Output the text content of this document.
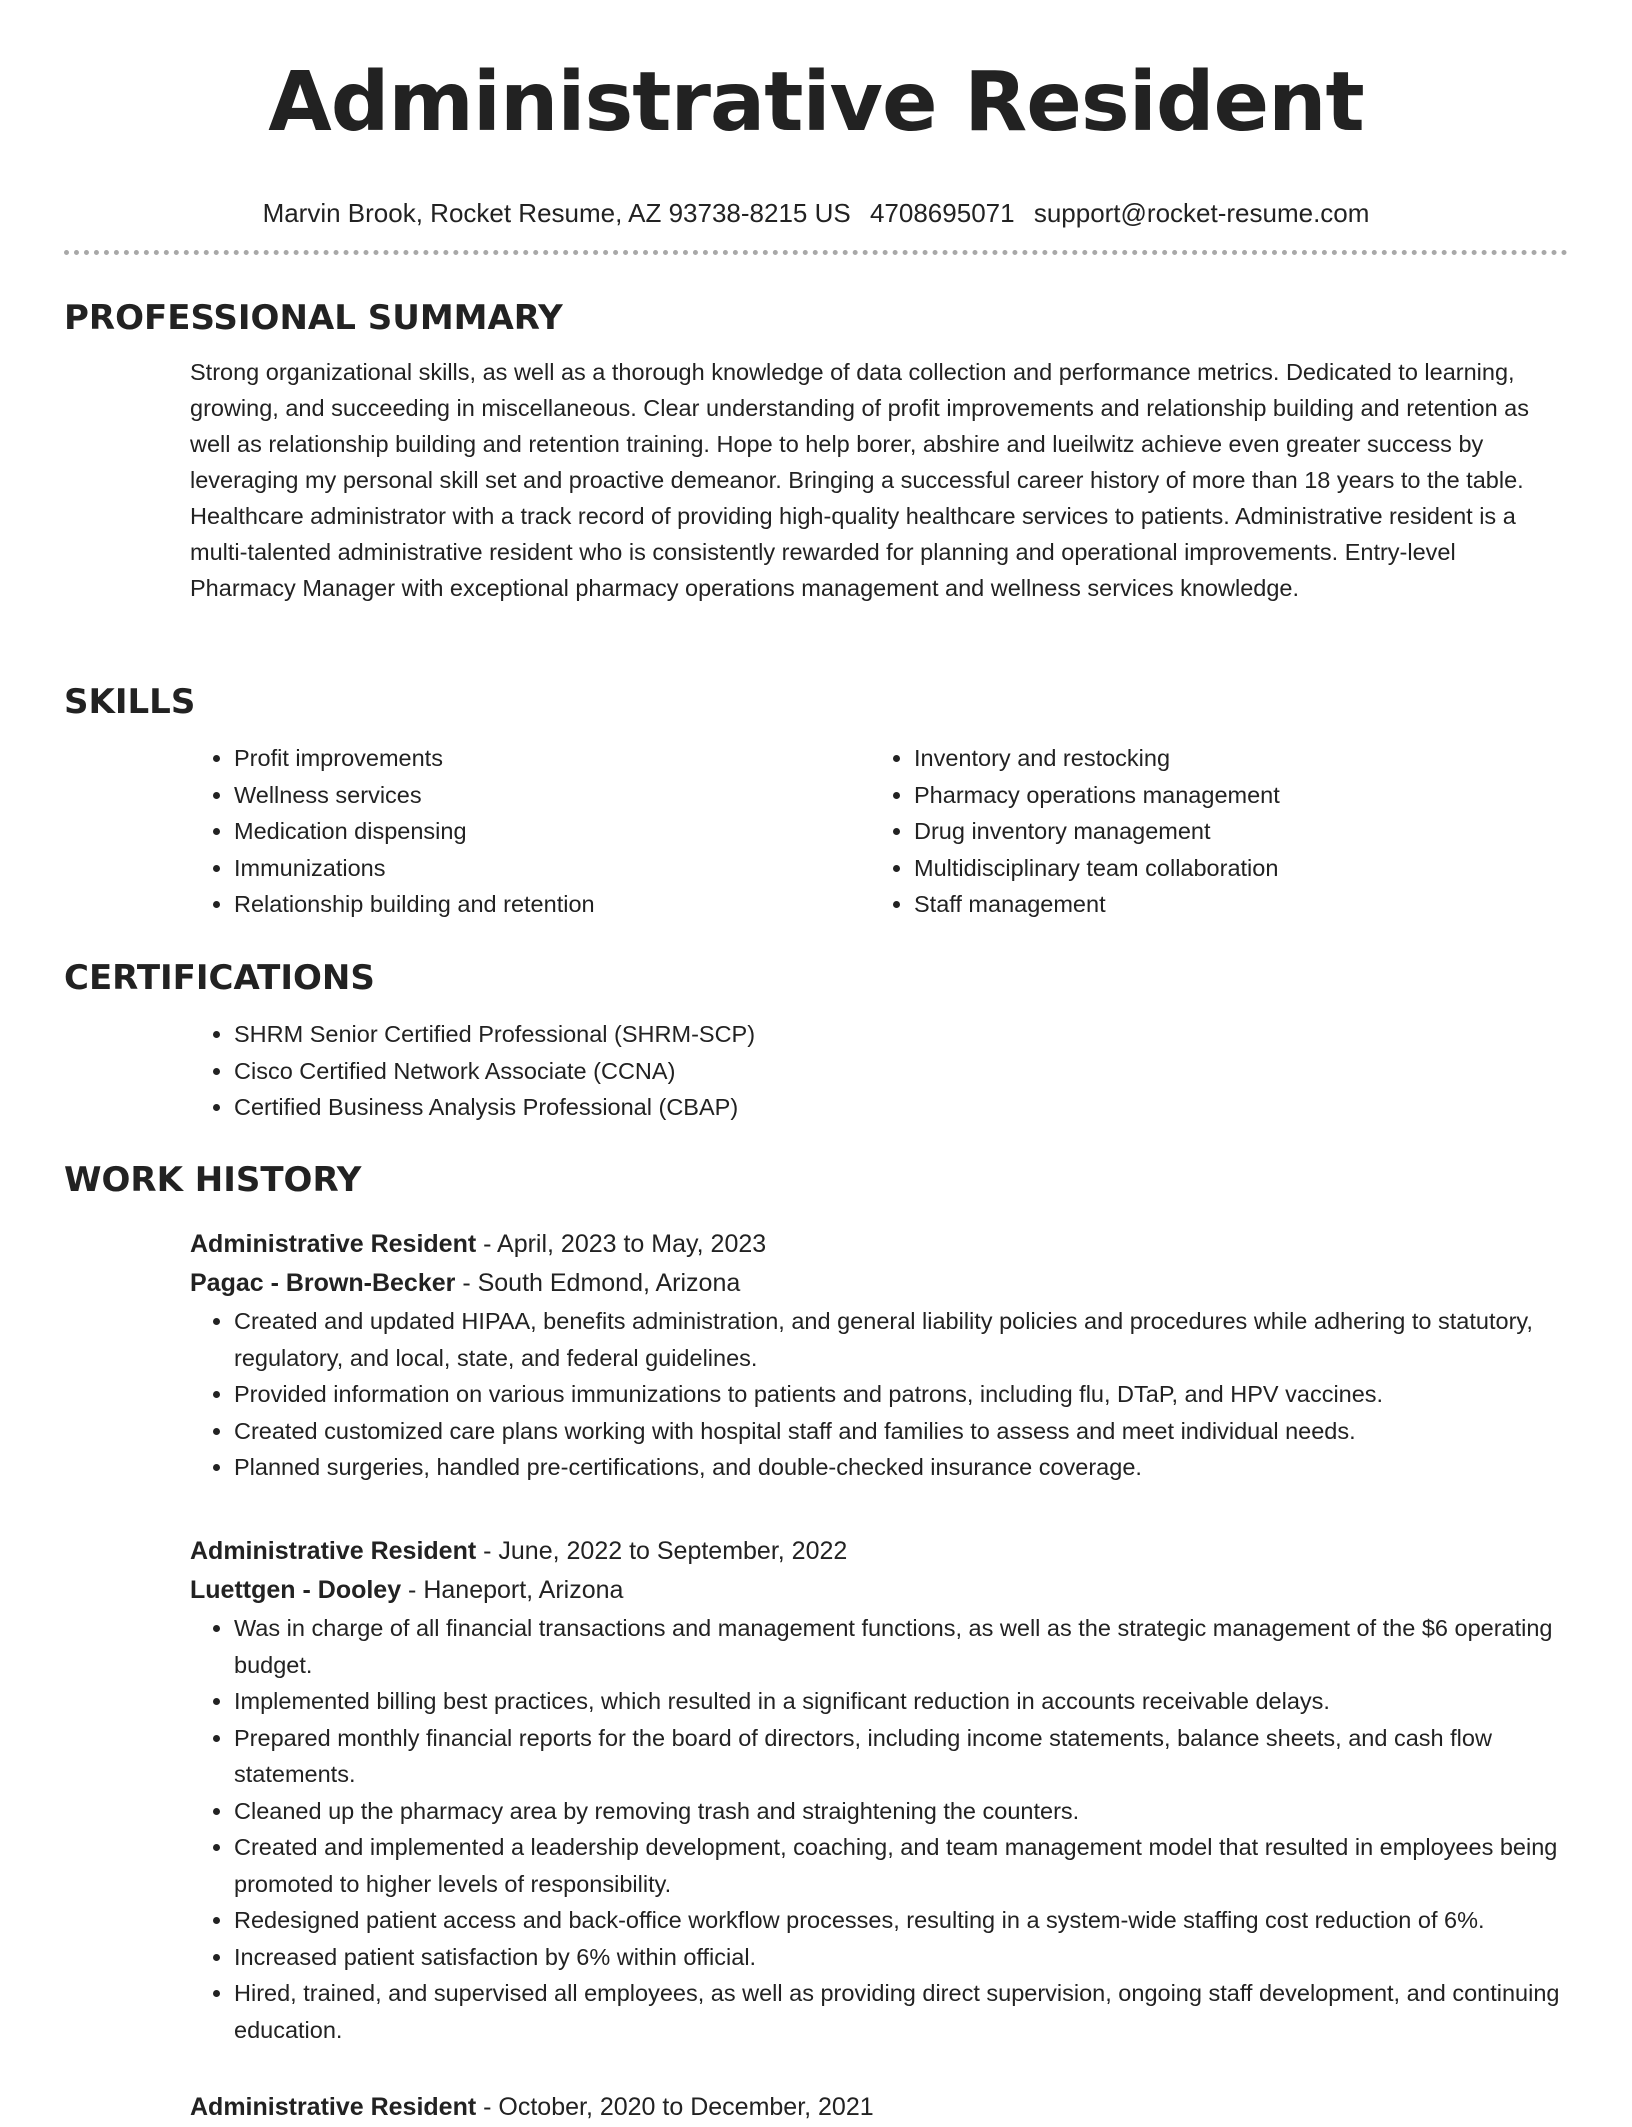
Administrative Resident
Marvin Brook, Rocket Resume, AZ 93738-8215 US 4708695071 support@rocket-resume.com
PROFESSIONAL SUMMARY
Strong organizational skills, as well as a thorough knowledge of data collection and performance metrics. Dedicated to learning, growing, and succeeding in miscellaneous. Clear understanding of profit improvements and relationship building and retention as well as relationship building and retention training. Hope to help borer, abshire and lueilwitz achieve even greater success by leveraging my personal skill set and proactive demeanor. Bringing a successful career history of more than 18 years to the table. Healthcare administrator with a track record of providing high-quality healthcare services to patients. Administrative resident is a multi-talented administrative resident who is consistently rewarded for planning and operational improvements. Entry-level Pharmacy Manager with exceptional pharmacy operations management and wellness services knowledge.
SKILLS
• Profit improvements
• Wellness services
• Medication dispensing
• Immunizations
• Relationship building and retention
• Inventory and restocking
• Pharmacy operations management
• Drug inventory management
• Multidisciplinary team collaboration
• Staff management
CERTIFICATIONS
• SHRM Senior Certified Professional (SHRM-SCP)
• Cisco Certified Network Associate (CCNA)
• Certified Business Analysis Professional (CBAP)
WORK HISTORY
Administrative Resident - April, 2023 to May, 2023
Pagac - Brown-Becker - South Edmond, Arizona
• Created and updated HIPAA, benefits administration, and general liability policies and procedures while adhering to statutory, regulatory, and local, state, and federal guidelines.
• Provided information on various immunizations to patients and patrons, including flu, DTaP, and HPV vaccines.
• Created customized care plans working with hospital staff and families to assess and meet individual needs.
• Planned surgeries, handled pre-certifications, and double-checked insurance coverage.
Administrative Resident - June, 2022 to September, 2022
Luettgen - Dooley - Haneport, Arizona
• Was in charge of all financial transactions and management functions, as well as the strategic management of the $6 operating budget.
• Implemented billing best practices, which resulted in a significant reduction in accounts receivable delays.
• Prepared monthly financial reports for the board of directors, including income statements, balance sheets, and cash flow statements.
• Cleaned up the pharmacy area by removing trash and straightening the counters.
• Created and implemented a leadership development, coaching, and team management model that resulted in employees being promoted to higher levels of responsibility.
• Redesigned patient access and back-office workflow processes, resulting in a system-wide staffing cost reduction of 6%.
• Increased patient satisfaction by 6% within official.
• Hired, trained, and supervised all employees, as well as providing direct supervision, ongoing staff development, and continuing education.
Administrative Resident - October, 2020 to December, 2021
